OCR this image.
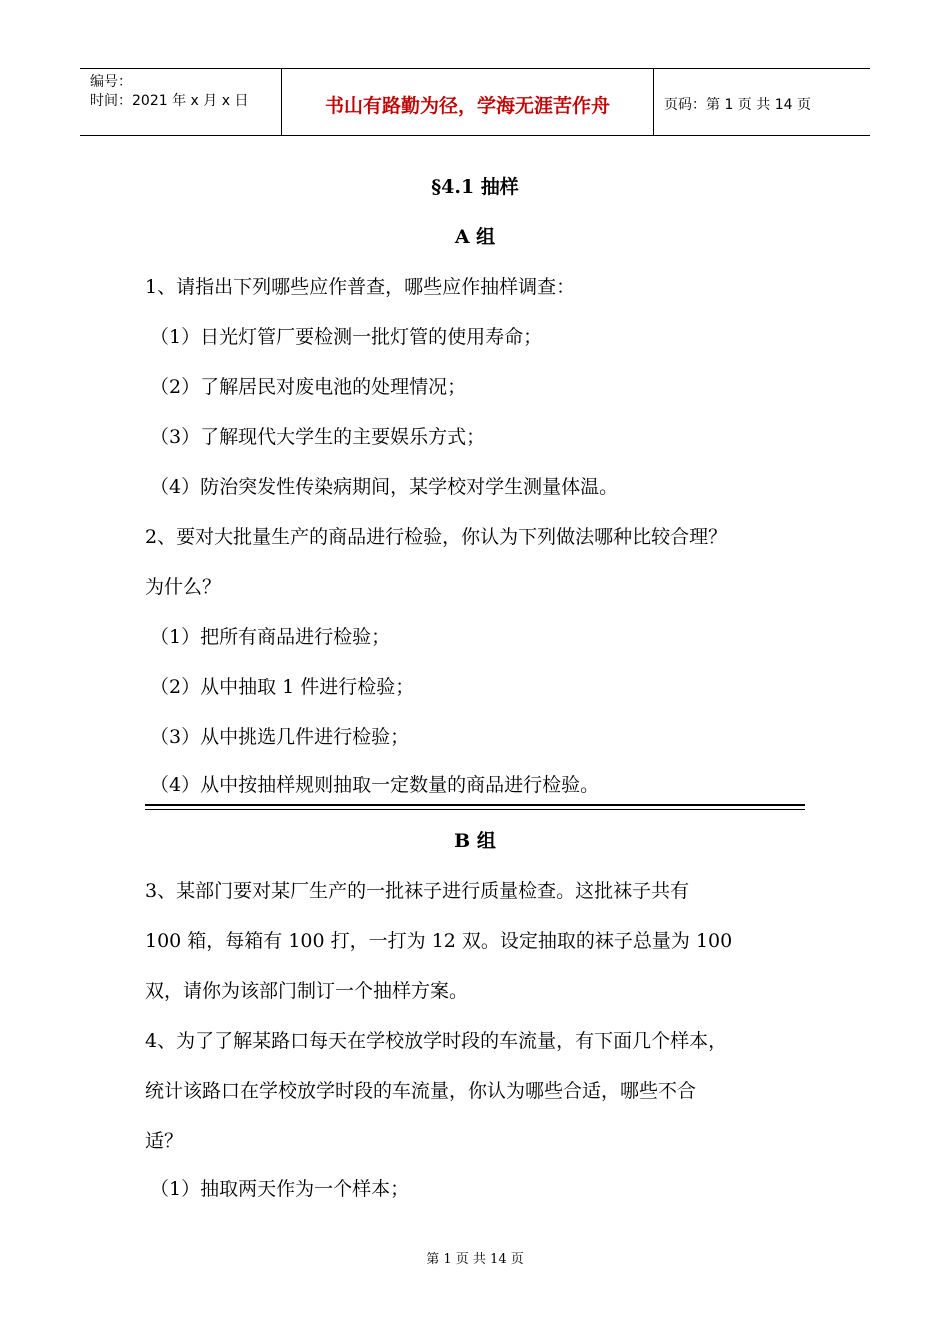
编号：
时间：2021 年 x 月 x 日	书山有路勤为径，学海无涯苦作舟	页码：第 1 页 共 14 页
§4.1 抽样
A 组
1、请指出下列哪些应作普查，哪些应作抽样调查：
（1）日光灯管厂要检测一批灯管的使用寿命；
（2）了解居民对废电池的处理情况；
（3）了解现代大学生的主要娱乐方式；
（4）防治突发性传染病期间，某学校对学生测量体温。
2、要对大批量生产的商品进行检验，你认为下列做法哪种比较合理？
为什么？
（1）把所有商品进行检验；
（2）从中抽取 1 件进行检验；
（3）从中挑选几件进行检验；
（4）从中按抽样规则抽取一定数量的商品进行检验。
B 组
3、某部门要对某厂生产的一批袜子进行质量检查。这批袜子共有
100 箱，每箱有 100 打，一打为 12 双。设定抽取的袜子总量为 100
双，请你为该部门制订一个抽样方案。
4、为了了解某路口每天在学校放学时段的车流量，有下面几个样本，
统计该路口在学校放学时段的车流量，你认为哪些合适，哪些不合
适？
（1）抽取两天作为一个样本；
第 1 页 共 14 页
